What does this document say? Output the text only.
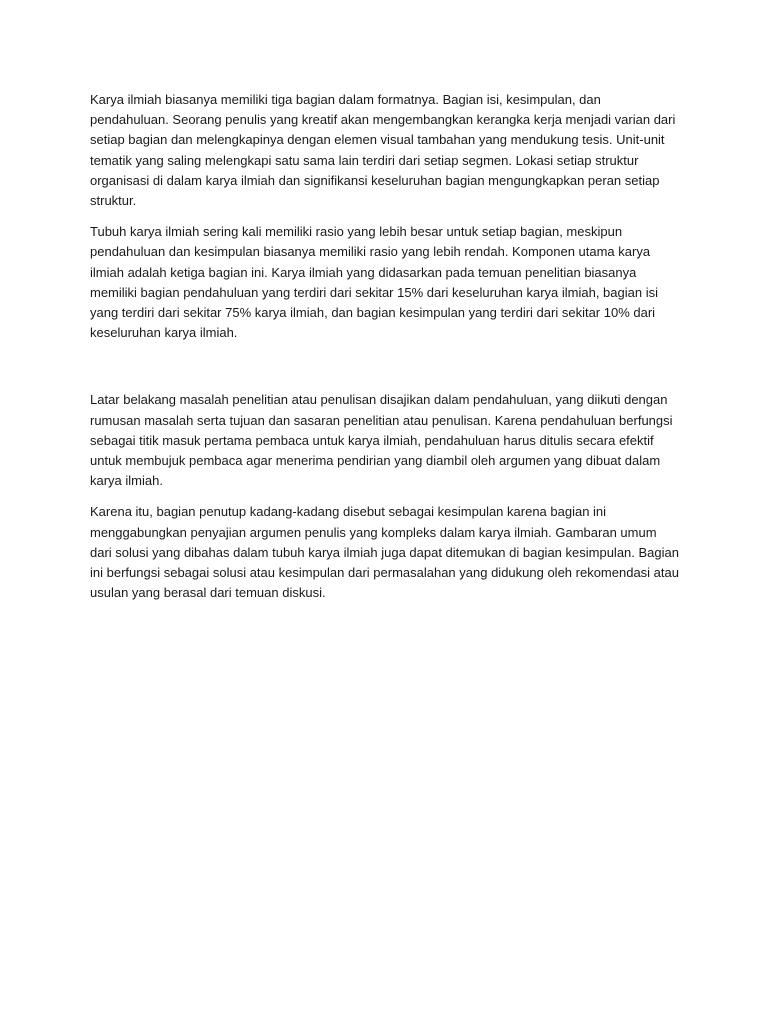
Karya ilmiah biasanya memiliki tiga bagian dalam formatnya. Bagian isi, kesimpulan, dan pendahuluan. Seorang penulis yang kreatif akan mengembangkan kerangka kerja menjadi varian dari setiap bagian dan melengkapinya dengan elemen visual tambahan yang mendukung tesis. Unit-unit tematik yang saling melengkapi satu sama lain terdiri dari setiap segmen. Lokasi setiap struktur organisasi di dalam karya ilmiah dan signifikansi keseluruhan bagian mengungkapkan peran setiap struktur.

Tubuh karya ilmiah sering kali memiliki rasio yang lebih besar untuk setiap bagian, meskipun pendahuluan dan kesimpulan biasanya memiliki rasio yang lebih rendah. Komponen utama karya ilmiah adalah ketiga bagian ini. Karya ilmiah yang didasarkan pada temuan penelitian biasanya memiliki bagian pendahuluan yang terdiri dari sekitar 15% dari keseluruhan karya ilmiah, bagian isi yang terdiri dari sekitar 75% karya ilmiah, dan bagian kesimpulan yang terdiri dari sekitar 10% dari keseluruhan karya ilmiah.

Latar belakang masalah penelitian atau penulisan disajikan dalam pendahuluan, yang diikuti dengan rumusan masalah serta tujuan dan sasaran penelitian atau penulisan. Karena pendahuluan berfungsi sebagai titik masuk pertama pembaca untuk karya ilmiah, pendahuluan harus ditulis secara efektif untuk membujuk pembaca agar menerima pendirian yang diambil oleh argumen yang dibuat dalam karya ilmiah.

Karena itu, bagian penutup kadang-kadang disebut sebagai kesimpulan karena bagian ini menggabungkan penyajian argumen penulis yang kompleks dalam karya ilmiah. Gambaran umum dari solusi yang dibahas dalam tubuh karya ilmiah juga dapat ditemukan di bagian kesimpulan. Bagian ini berfungsi sebagai solusi atau kesimpulan dari permasalahan yang didukung oleh rekomendasi atau usulan yang berasal dari temuan diskusi.
